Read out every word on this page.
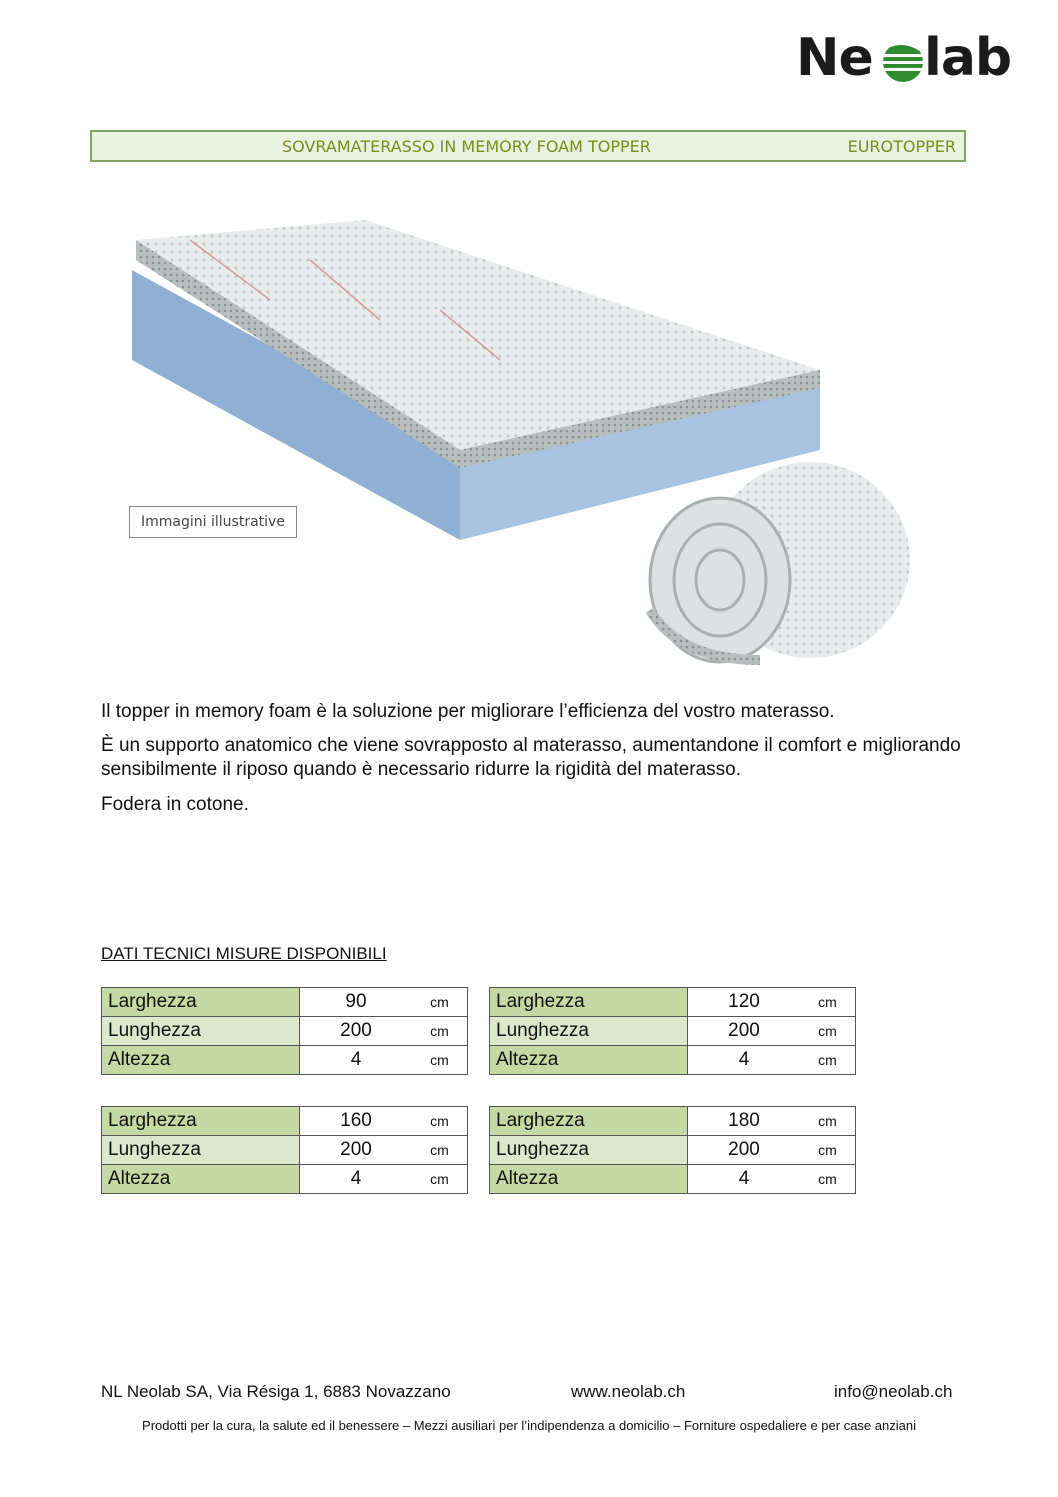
Ne lab
SOVRAMATERASSO IN MEMORY FOAM TOPPER	EUROTOPPER
Immagini illustrative
Il topper in memory foam è la soluzione per migliorare l’efficienza del vostro materasso.
È un supporto anatomico che viene sovrapposto al materasso, aumentandone il comfort e migliorando sensibilmente il riposo quando è necessario ridurre la rigidità del materasso.
Fodera in cotone.
DATI TECNICI MISURE DISPONIBILI
Larghezza	90	cm
Lunghezza	200	cm
Altezza	4	cm
Larghezza	120	cm
Lunghezza	200	cm
Altezza	4	cm
Larghezza	160	cm
Lunghezza	200	cm
Altezza	4	cm
Larghezza	180	cm
Lunghezza	200	cm
Altezza	4	cm
NL Neolab SA, Via Résiga 1, 6883 Novazzano	www.neolab.ch	info@neolab.ch
Prodotti per la cura, la salute ed il benessere – Mezzi ausiliari per l’indipendenza a domicilio – Forniture ospedaliere e per case anziani
